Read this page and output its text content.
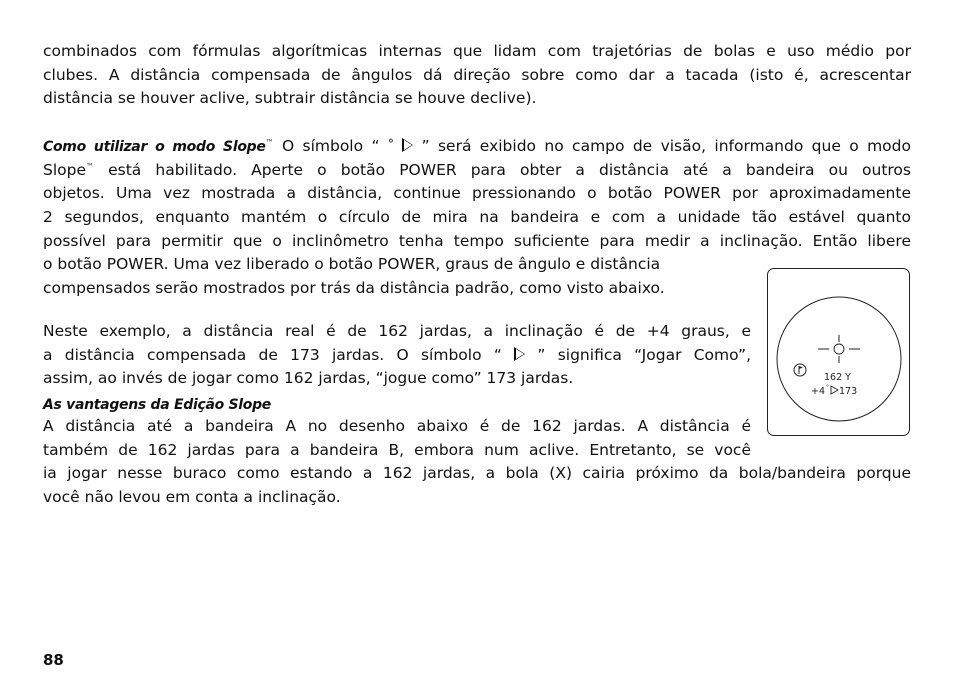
combinados com fórmulas algorítmicas internas que lidam com trajetórias de bolas e uso médio por
clubes. A distância compensada de ângulos dá direção sobre como dar a tacada (isto é, acrescentar
distância se houver aclive, subtrair distância se houve declive).
Como utilizar o modo Slope™ O símbolo “ °  ” será exibido no campo de visão, informando que o modo
Slope™ está habilitado. Aperte o botão POWER para obter a distância até a bandeira ou outros
objetos. Uma vez mostrada a distância, continue pressionando o botão POWER por aproximadamente
2 segundos, enquanto mantém o círculo de mira na bandeira e com a unidade tão estável quanto
possível para permitir que o inclinômetro tenha tempo suficiente para medir a inclinação. Então libere
o botão POWER. Uma vez liberado o botão POWER, graus de ângulo e distância
compensados serão mostrados por trás da distância padrão, como visto abaixo.
Neste exemplo, a distância real é de 162 jardas, a inclinação é de +4 graus, e
a distância compensada de 173 jardas. O símbolo “  ” significa “Jogar Como”,
assim, ao invés de jogar como 162 jardas, “jogue como” 173 jardas.
As vantagens da Edição Slope
A distância até a bandeira A no desenho abaixo é de 162 jardas. A distância é
também de 162 jardas para a bandeira B, embora num aclive. Entretanto, se você
ia jogar nesse buraco como estando a 162 jardas, a bola (X) cairia próximo da bola/bandeira porque
você não levou em conta a inclinação.
162 Y
+4 ° 173
88
